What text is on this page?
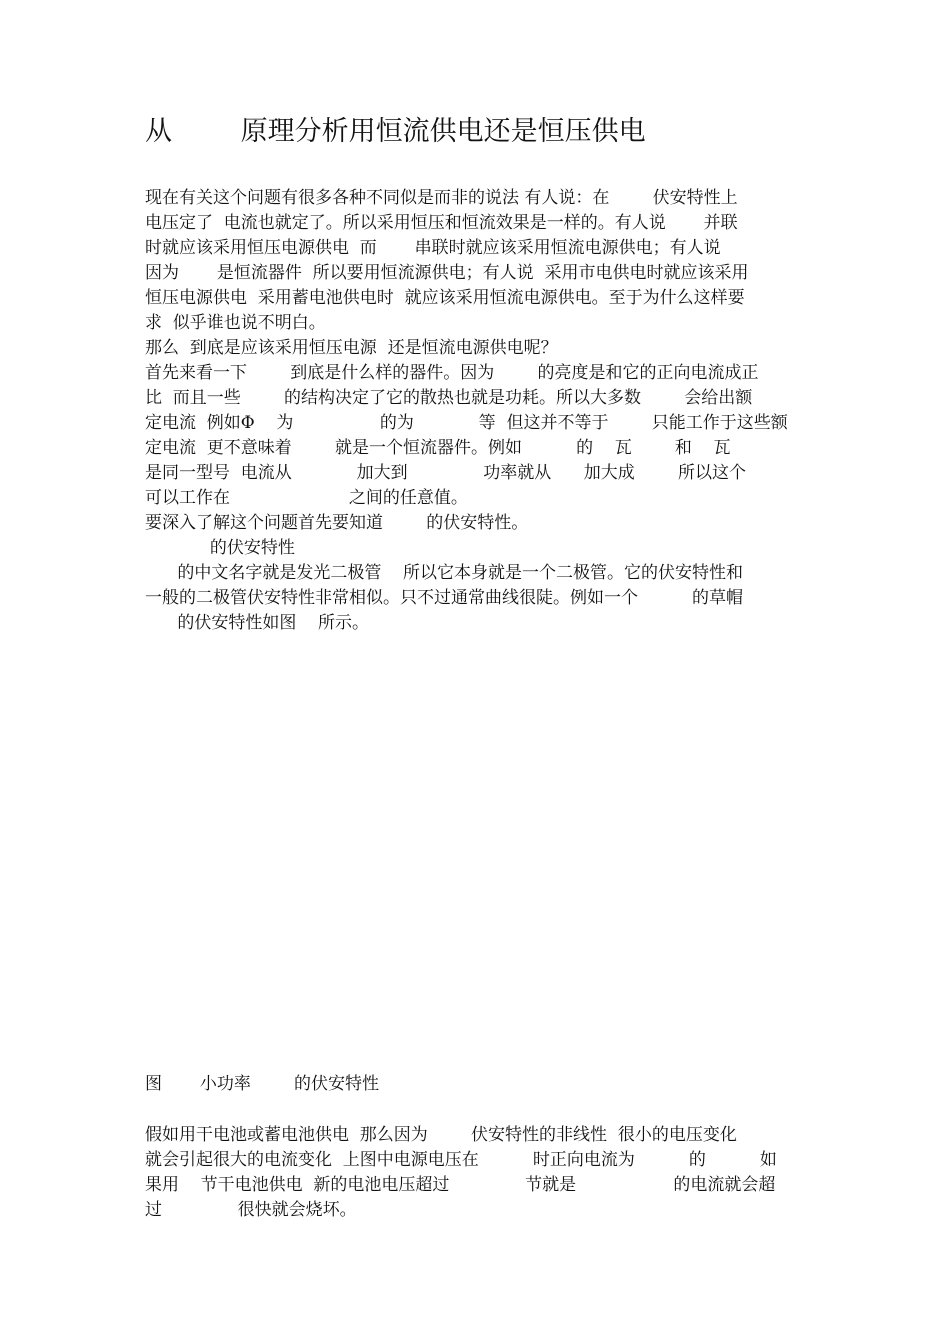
从        原理分析用恒流供电还是恒压供电

现在有关这个问题有很多各种不同似是而非的说法 有人说：在        伏安特性上

电压定了  电流也就定了。所以采用恒压和恒流效果是一样的。有人说       并联

时就应该采用恒压电源供电  而       串联时就应该采用恒流电源供电；有人说

因为       是恒流器件  所以要用恒流源供电；有人说  采用市电供电时就应该采用

恒压电源供电  采用蓄电池供电时  就应该采用恒流电源供电。至于为什么这样要

求  似乎谁也说不明白。

那么  到底是应该采用恒压电源  还是恒流电源供电呢？

首先来看一下        到底是什么样的器件。因为        的亮度是和它的正向电流成正

比  而且一些        的结构决定了它的散热也就是功耗。所以大多数        会给出额

定电流  例如Φ    为                的为            等  但这并不等于        只能工作于这些额

定电流  更不意味着        就是一个恒流器件。例如          的    瓦        和    瓦

是同一型号  电流从            加大到              功率就从      加大成        所以这个

可以工作在                      之间的任意值。

要深入了解这个问题首先要知道        的伏安特性。

的伏安特性

的中文名字就是发光二极管    所以它本身就是一个二极管。它的伏安特性和

一般的二极管伏安特性非常相似。只不过通常曲线很陡。例如一个          的草帽

的伏安特性如图    所示。

图       小功率        的伏安特性

假如用干电池或蓄电池供电  那么因为        伏安特性的非线性  很小的电压变化

就会引起很大的电流变化  上图中电源电压在          时正向电流为          的          如

果用    节干电池供电  新的电池电压超过              节就是                  的电流就会超

过              很快就会烧坏。
